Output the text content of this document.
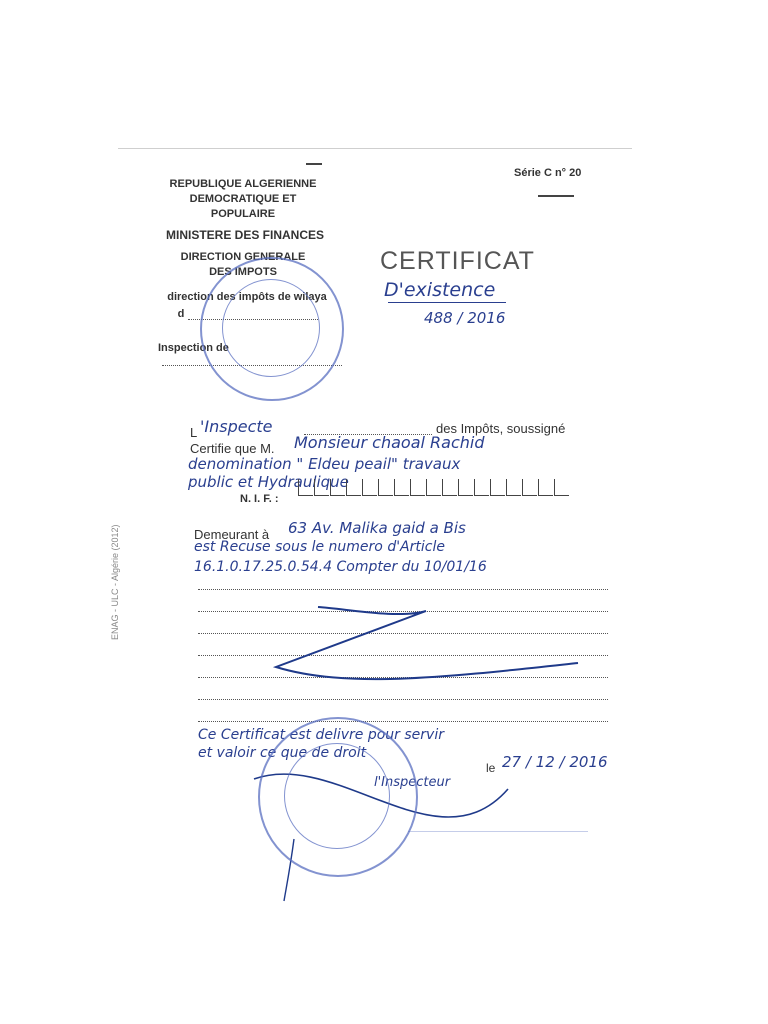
REPUBLIQUE ALGERIENNE
DEMOCRATIQUE ET
POPULAIRE
MINISTERE DES FINANCES
DIRECTION GENERALE
DES IMPOTS
direction des impôts de wilaya
d
Inspection de
Série C n° 20
CERTIFICAT
D'existence
488 / 2016
L 'Inspecte	des Impôts, soussigné
Certifie que M. Monsieur chaoal Rachid
denomination " Eldeu peail" travaux
public et Hydraulique
N. I. F. :
Demeurant à 63 Av. Malika gaid a Bis
est Recuse sous le numero d'Article
16.1.0.17.25.0.54.4 Compter du 10/01/16
Ce Certificat est delivre pour servir
et valoir ce que de droit
le 27 / 12 / 2016
l'Inspecteur
ENAG - ULC - Algérie (2012)
